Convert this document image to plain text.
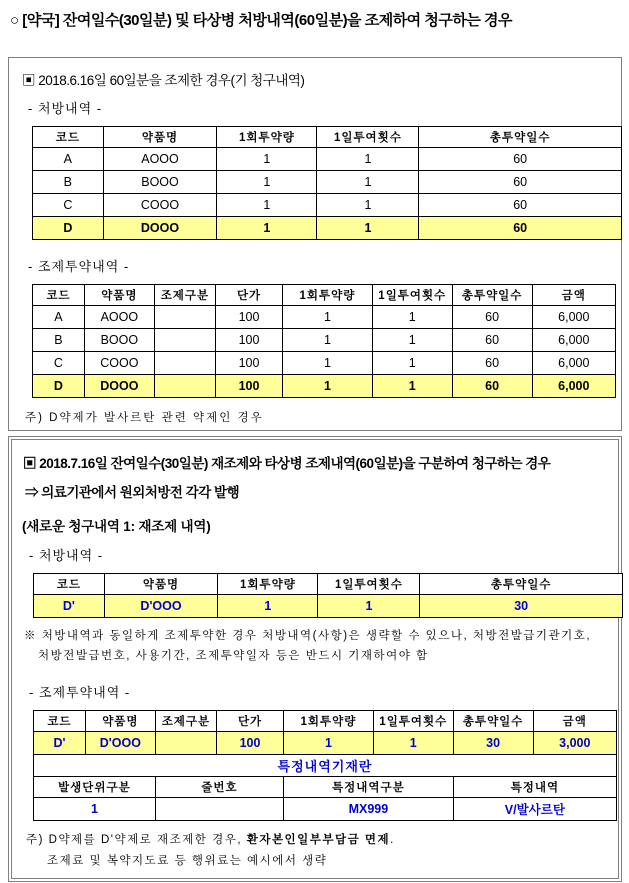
○ [약국] 잔여일수(30일분) 및 타상병 처방내역(60일분)을 조제하여 청구하는 경우
▣ 2018.6.16일 60일분을 조제한 경우(기 청구내역)
- 처방내역 -
코드	약품명	1회투약량	1일투여횟수	총투약일수
A	AOOO	1	1	60
B	BOOO	1	1	60
C	COOO	1	1	60
D	DOOO	1	1	60
- 조제투약내역 -
코드	약품명	조제구분	단가	1회투약량	1일투여횟수	총투약일수	금액
A	AOOO		100	1	1	60	6,000
B	BOOO		100	1	1	60	6,000
C	COOO		100	1	1	60	6,000
D	DOOO		100	1	1	60	6,000
주) D약제가 발사르탄 관련 약제인 경우
▣ 2018.7.16일 잔여일수(30일분) 재조제와 타상병 조제내역(60일분)을 구분하여 청구하는 경우
⇒ 의료기관에서 원외처방전 각각 발행
(새로운 청구내역 1: 재조제 내역)
- 처방내역 -
코드	약품명	1회투약량	1일투여횟수	총투약일수
D'	D'OOO	1	1	30
※ 처방내역과 동일하게 조제투약한 경우 처방내역(사항)은 생략할 수 있으나, 처방전발급기관기호,
처방전발급번호, 사용기간, 조제투약일자 등은 반드시 기재하여야 함
- 조제투약내역 -
코드	약품명	조제구분	단가	1회투약량	1일투여횟수	총투약일수	금액
D'	D'OOO		100	1	1	30	3,000
특정내역기재란							
발생단위구분		줄번호		특정내역구분		특정내역	
1				MX999		V/발사르탄	
주) D약제를 D'약제로 재조제한 경우, 환자본인일부부담금 면제.
조제료 및 복약지도료 등 행위료는 예시에서 생략
